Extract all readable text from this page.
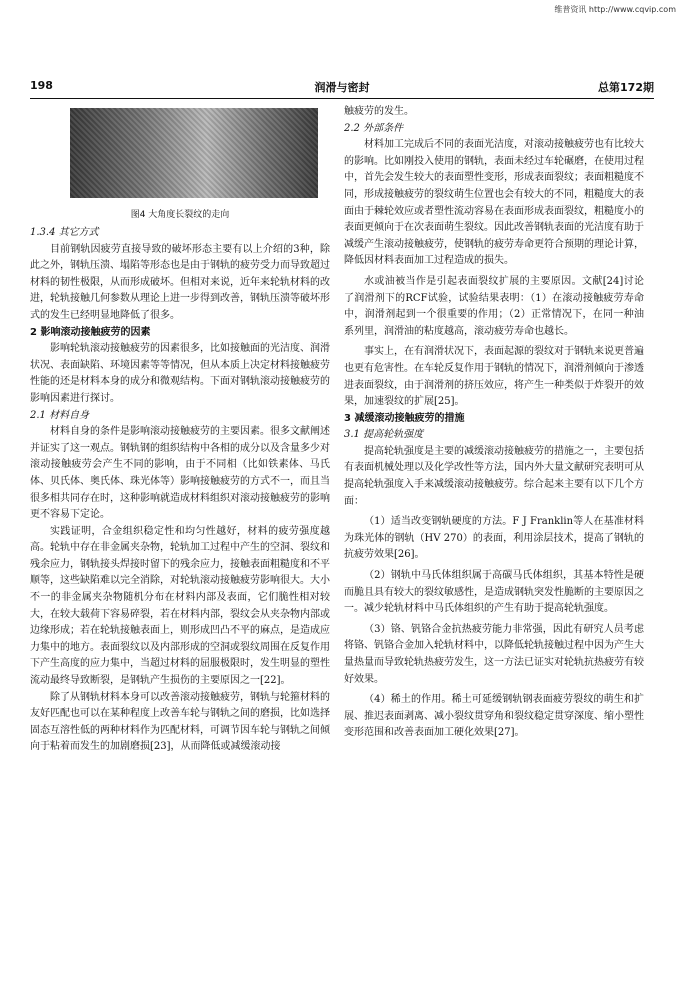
维普资讯 http://www.cqvip.com
198	润滑与密封	总第172期

图4 大角度长裂纹的走向

1.3.4 其它方式

目前钢轨因疲劳直接导致的破坏形态主要有以上介绍的3种，除此之外，钢轨压溃、塌陷等形态也是由于钢轨的疲劳受力而导致超过材料的韧性极限，从而形成破坏。但相对来说，近年来轮轨材料的改进，轮轨接触几何参数从理论上进一步得到改善，钢轨压溃等破坏形式的发生已经明显地降低了很多。

2 影响滚动接触疲劳的因素

影响轮轨滚动接触疲劳的因素很多，比如接触面的光洁度、润滑状况、表面缺陷、环境因素等等情况，但从本质上决定材料接触疲劳性能的还是材料本身的成分和微观结构。下面对钢轨滚动接触疲劳的影响因素进行探讨。

2.1 材料自身

材料自身的条件是影响滚动接触疲劳的主要因素。很多文献阐述并证实了这一观点。钢轨钢的组织结构中各相的成分以及含量多少对滚动接触疲劳会产生不同的影响，由于不同相（比如铁素体、马氏体、贝氏体、奥氏体、珠光体等）影响接触疲劳的方式不一，而且当很多相共同存在时，这种影响就造成材料组织对滚动接触疲劳的影响更不容易下定论。

实践证明，合金组织稳定性和均匀性越好，材料的疲劳强度越高。轮轨中存在非金属夹杂物，轮轨加工过程中产生的空洞、裂纹和残余应力，钢轨接头焊接时留下的残余应力，接触表面粗糙度和不平顺等，这些缺陷难以完全消除，对轮轨滚动接触疲劳影响很大。大小不一的非金属夹杂物随机分布在材料内部及表面，它们脆性相对较大，在较大载荷下容易碎裂，若在材料内部，裂纹会从夹杂物内部或边缘形成；若在轮轨接触表面上，则形成凹凸不平的麻点，是造成应力集中的地方。表面裂纹以及内部形成的空洞或裂纹周围在反复作用下产生高度的应力集中，当超过材料的屈服极限时，发生明显的塑性流动最终导致断裂，是钢轨产生损伤的主要原因之一[22]。

除了从钢轨材料本身可以改善滚动接触疲劳，钢轨与轮箍材料的友好匹配也可以在某种程度上改善车轮与钢轨之间的磨损，比如选择固态互溶性低的两种材料作为匹配材料，可调节因车轮与钢轨之间倾向于粘着而发生的加剧磨损[23]，从而降低或减缓滚动接

触疲劳的发生。

2.2 外部条件

材料加工完成后不同的表面光洁度，对滚动接触疲劳也有比较大的影响。比如刚投入使用的钢轨，表面未经过车轮碾磨，在使用过程中，首先会发生较大的表面塑性变形，形成表面裂纹；表面粗糙度不同，形成接触疲劳的裂纹萌生位置也会有较大的不同，粗糙度大的表面由于棘轮效应或者塑性流动容易在表面形成表面裂纹，粗糙度小的表面更倾向于在次表面萌生裂纹。因此改善钢轨表面的光洁度有助于减缓产生滚动接触疲劳，使钢轨的疲劳寿命更符合预期的理论计算，降低因材料表面加工过程造成的损失。

水或油被当作是引起表面裂纹扩展的主要原因。文献[24]讨论了润滑剂下的RCF试验，试验结果表明：（1）在滚动接触疲劳寿命中，润滑剂起到一个很重要的作用；（2）正常情况下，在同一种油系列里，润滑油的粘度越高，滚动疲劳寿命也越长。

事实上，在有润滑状况下，表面起源的裂纹对于钢轨来说更普遍也更有危害性。在车轮反复作用于钢轨的情况下，润滑剂倾向于渗透进表面裂纹，由于润滑剂的挤压效应，将产生一种类似于炸裂开的效果，加速裂纹的扩展[25]。

3 减缓滚动接触疲劳的措施
3.1 提高轮轨强度

提高轮轨强度是主要的减缓滚动接触疲劳的措施之一，主要包括有表面机械处理以及化学改性等方法，国内外大量文献研究表明可从提高轮轨强度入手来减缓滚动接触疲劳。综合起来主要有以下几个方面：

（1）适当改变钢轨硬度的方法。F J Franklin等人在基准材料为珠光体的钢轨（HV 270）的表面，利用涂层技术，提高了钢轨的抗疲劳效果[26]。

（2）钢轨中马氏体组织属于高碳马氏体组织，其基本特性是硬而脆且具有较大的裂纹敏感性，是造成钢轨突发性脆断的主要原因之一。减少轮轨材料中马氏体组织的产生有助于提高轮轨强度。

（3）铬、钒铬合金抗热疲劳能力非常强，因此有研究人员考虑将铬、钒铬合金加入轮轨材料中，以降低轮轨接触过程中因为产生大量热量而导致轮轨热疲劳发生，这一方法已证实对轮轨抗热疲劳有较好效果。

（4）稀土的作用。稀土可延缓钢轨钢表面疲劳裂纹的萌生和扩展、推迟表面剥离、减小裂纹贯穿角和裂纹稳定贯穿深度、缩小塑性变形范围和改善表面加工硬化效果[27]。
